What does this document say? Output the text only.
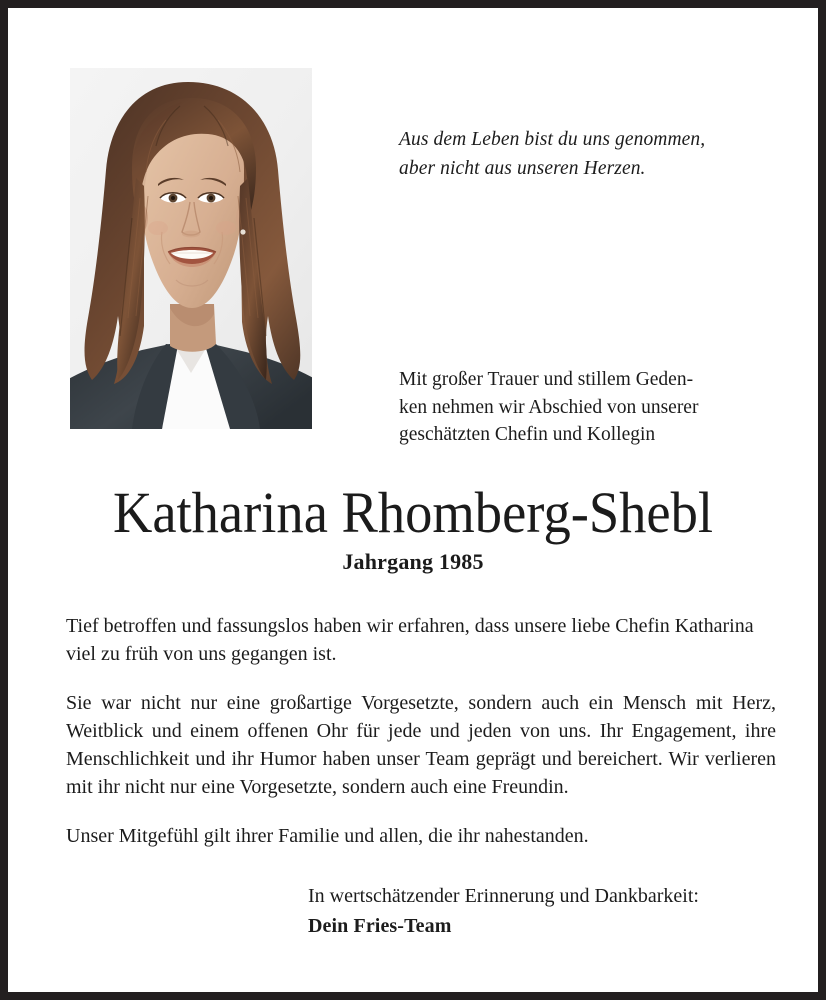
Aus dem Leben bist du uns genommen,
aber nicht aus unseren Herzen.
Mit großer Trauer und stillem Geden-
ken nehmen wir Abschied von unserer
geschätzten Chefin und Kollegin
Katharina Rhomberg-Shebl
Jahrgang 1985

Tief betroffen und fassungslos haben wir erfahren, dass unsere liebe Chefin Katharina viel zu früh von uns gegangen ist.

Sie war nicht nur eine großartige Vorgesetzte, sondern auch ein Mensch mit Herz, Weitblick und einem offenen Ohr für jede und jeden von uns. Ihr Engagement, ihre Menschlichkeit und ihr Humor haben unser Team geprägt und bereichert. Wir verlieren mit ihr nicht nur eine Vorgesetzte, sondern auch eine Freundin.

Unser Mitgefühl gilt ihrer Familie und allen, die ihr nahestanden.

In wertschätzender Erinnerung und Dankbarkeit:
Dein Fries-Team
